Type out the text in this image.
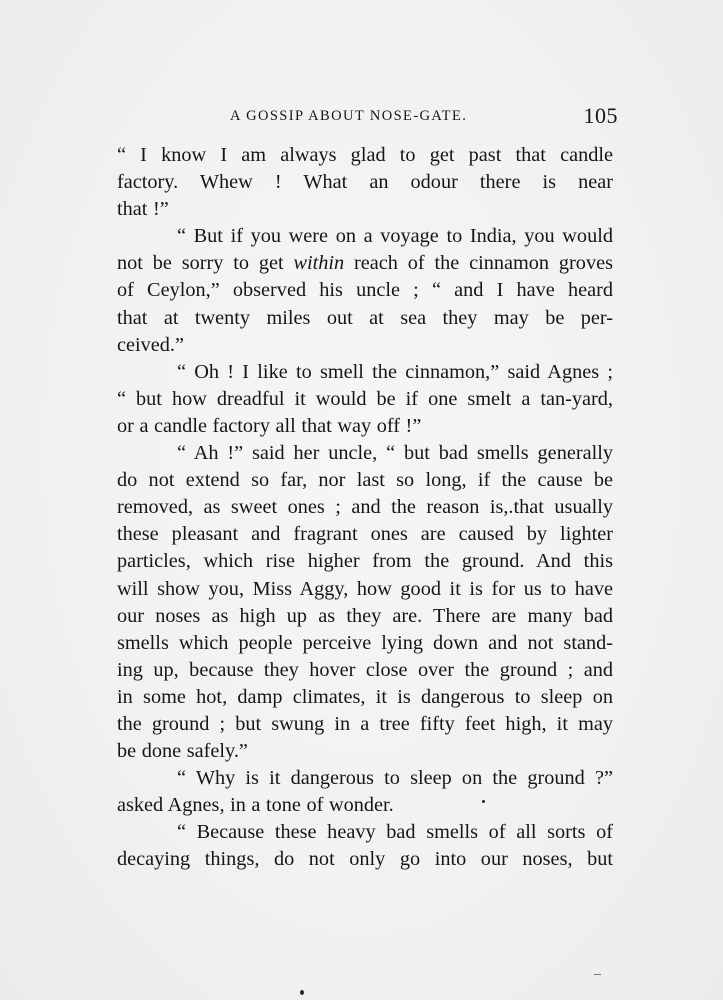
A GOSSIP ABOUT NOSE-GATE.	105
“ I know I am always glad to get past that candle
factory. Whew ! What an odour there is near
that !”
“ But if you were on a voyage to India, you would
not be sorry to get within reach of the cinnamon groves
of Ceylon,” observed his uncle ; “ and I have heard
that at twenty miles out at sea they may be per-
ceived.”
“ Oh ! I like to smell the cinnamon,” said Agnes ;
“ but how dreadful it would be if one smelt a tan-yard,
or a candle factory all that way off !”
“ Ah !” said her uncle, “ but bad smells generally
do not extend so far, nor last so long, if the cause be
removed, as sweet ones ; and the reason is,.that usually
these pleasant and fragrant ones are caused by lighter
particles, which rise higher from the ground. And this
will show you, Miss Aggy, how good it is for us to have
our noses as high up as they are. There are many bad
smells which people perceive lying down and not stand-
ing up, because they hover close over the ground ; and
in some hot, damp climates, it is dangerous to sleep on
the ground ; but swung in a tree fifty feet high, it may
be done safely.”
“ Why is it dangerous to sleep on the ground ?”
asked Agnes, in a tone of wonder.
“ Because these heavy bad smells of all sorts of
decaying things, do not only go into our noses, but
